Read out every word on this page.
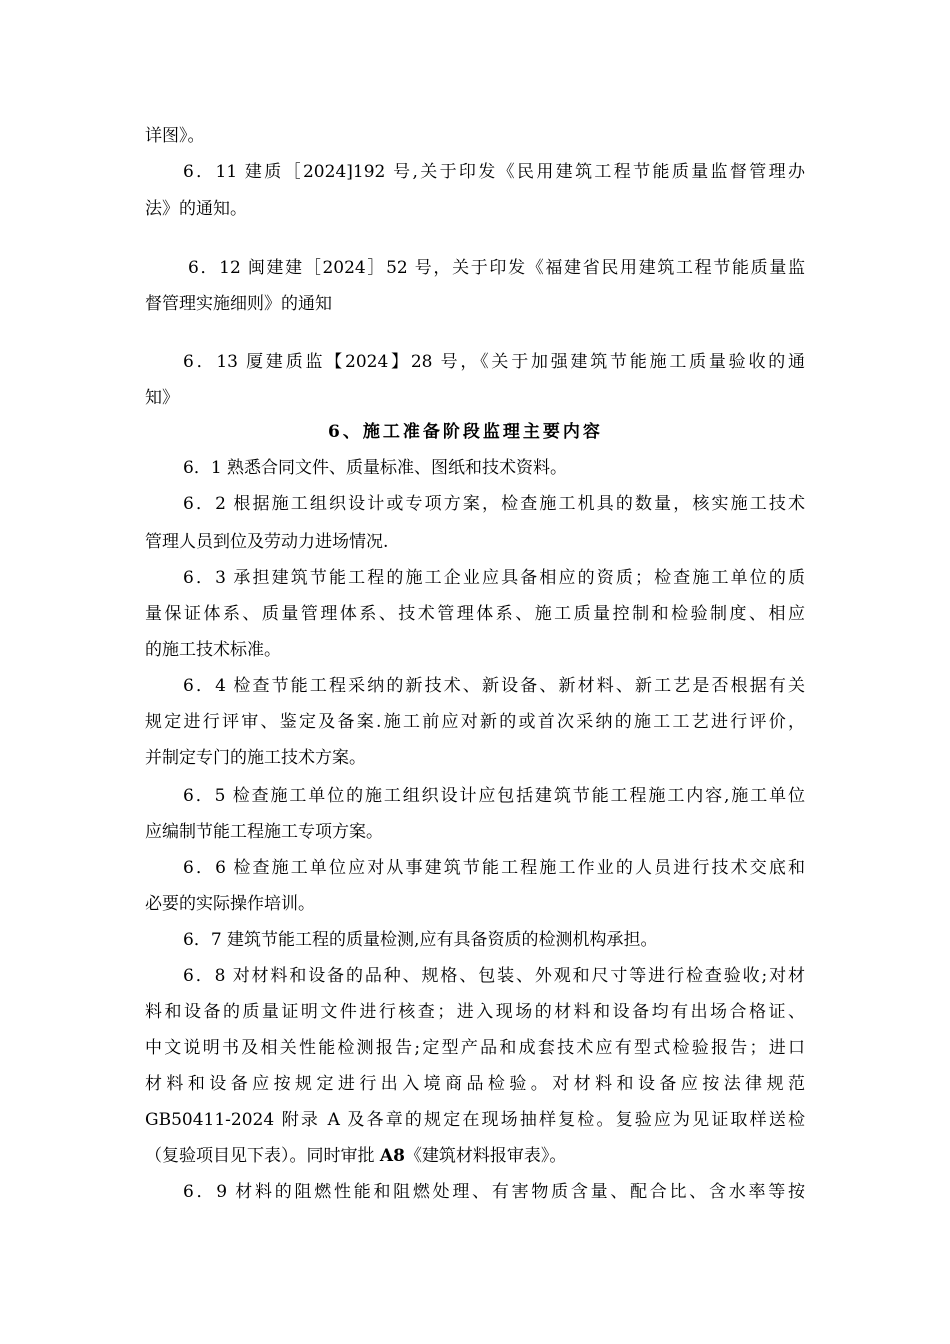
详图》。
6．11 建质［2024]192 号,关于印发《民用建筑工程节能质量监督管理办
法》的通知。
6．12 闽建建［2024］52 号，关于印发《福建省民用建筑工程节能质量监
督管理实施细则》的通知
6．13 厦建质监【2024】28 号，《关于加强建筑节能施工质量验收的通
知》
6、施工准备阶段监理主要内容
6．1 熟悉合同文件、质量标准、图纸和技术资料。
6．2 根据施工组织设计或专项方案，检查施工机具的数量，核实施工技术
管理人员到位及劳动力进场情况.
6．3 承担建筑节能工程的施工企业应具备相应的资质；检查施工单位的质
量保证体系、质量管理体系、技术管理体系、施工质量控制和检验制度、相应
的施工技术标准。
6．4 检查节能工程采纳的新技术、新设备、新材料、新工艺是否根据有关
规定进行评审、鉴定及备案.施工前应对新的或首次采纳的施工工艺进行评价，
并制定专门的施工技术方案。
6．5 检查施工单位的施工组织设计应包括建筑节能工程施工内容,施工单位
应编制节能工程施工专项方案。
6．6 检查施工单位应对从事建筑节能工程施工作业的人员进行技术交底和
必要的实际操作培训。
6．7 建筑节能工程的质量检测,应有具备资质的检测机构承担。
6．8 对材料和设备的品种、规格、包装、外观和尺寸等进行检查验收;对材
料和设备的质量证明文件进行核查；进入现场的材料和设备均有出场合格证、
中文说明书及相关性能检测报告;定型产品和成套技术应有型式检验报告；进口
材料和设备应按规定进行出入境商品检验。对材料和设备应按法律规范
GB50411-2024 附录 A 及各章的规定在现场抽样复检。复验应为见证取样送检
（复验项目见下表）。同时审批 A8《建筑材料报审表》。
6．9 材料的阻燃性能和阻燃处理、有害物质含量、配合比、含水率等按
